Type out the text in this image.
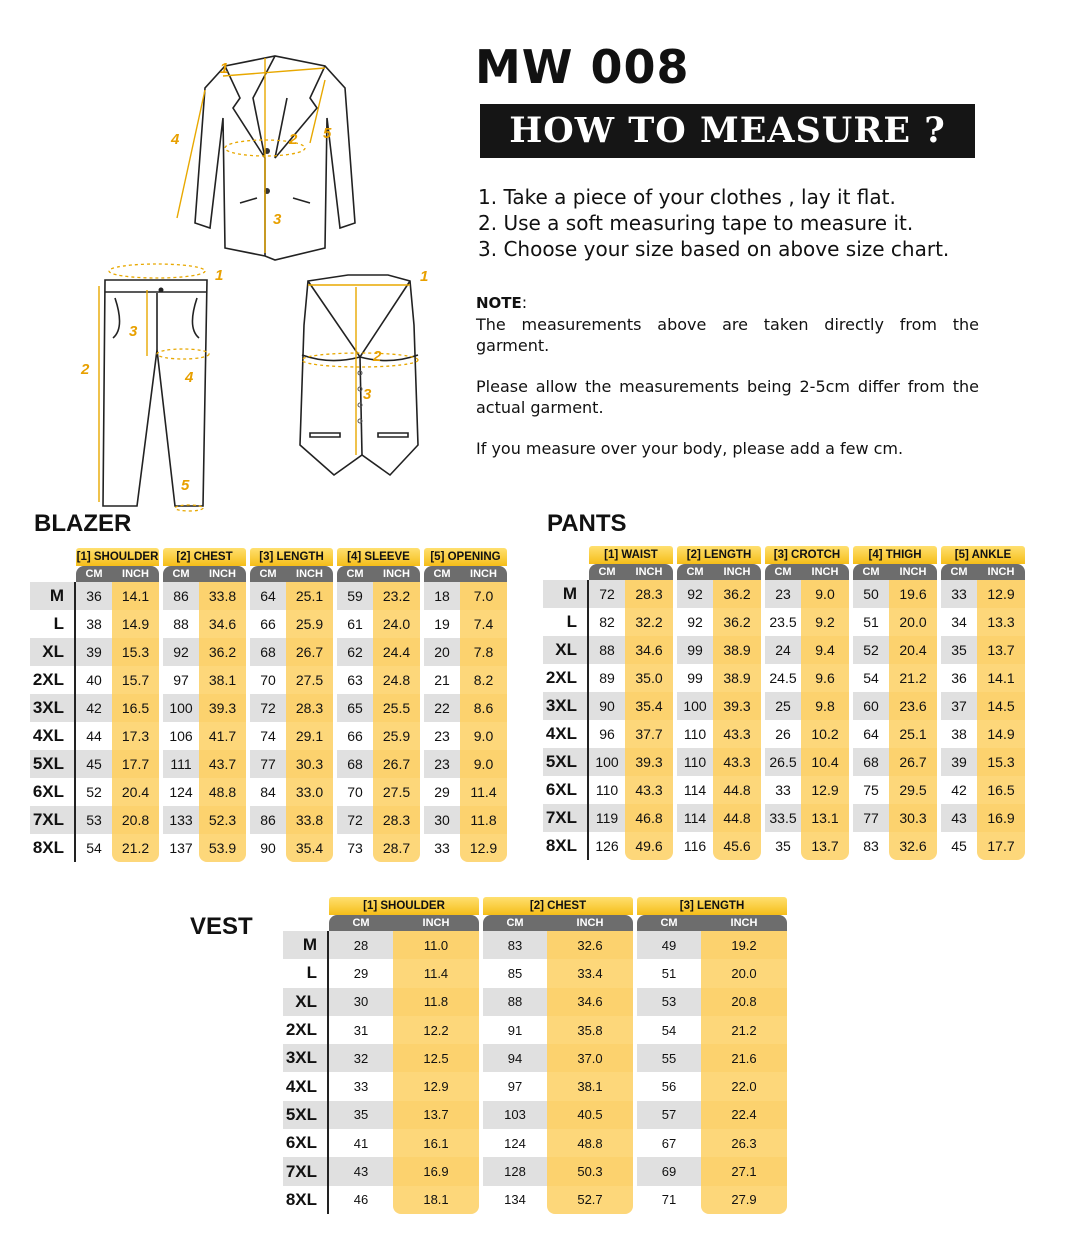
1
2
3
4	5
1
2
3
4
5
1
2
3
MW 008
HOW TO MEASURE ?
1. Take a piece of your clothes , lay it flat.
2. Use a soft measuring tape to measure it.
3. Choose your size based on above size chart.
NOTE:

The measurements above are taken directly from the garment.

Please allow the measurements being 2-5cm differ from the actual garment.

If you measure over your body, please add a few cm.

BLAZER	PANTS
VEST
	[1] SHOULDER			[2] CHEST			[3] LENGTH			[4] SLEEVE			[5] OPENING	
	CM	INCH		CM	INCH		CM	INCH		CM	INCH		CM	INCH
M	36	14.1		86	33.8		64	25.1		59	23.2		18	7.0
L	38	14.9		88	34.6		66	25.9		61	24.0		19	7.4
XL	39	15.3		92	36.2		68	26.7		62	24.4		20	7.8
2XL	40	15.7		97	38.1		70	27.5		63	24.8		21	8.2
3XL	42	16.5		100	39.3		72	28.3		65	25.5		22	8.6
4XL	44	17.3		106	41.7		74	29.1		66	25.9		23	9.0
5XL	45	17.7		111	43.7		77	30.3		68	26.7		23	9.0
6XL	52	20.4		124	48.8		84	33.0		70	27.5		29	11.4
7XL	53	20.8		133	52.3		86	33.8		72	28.3		30	11.8
8XL	54	21.2		137	53.9		90	35.4		73	28.7		33	12.9
	[1] WAIST			[2] LENGTH			[3] CROTCH			[4] THIGH			[5] ANKLE	
	CM	INCH		CM	INCH		CM	INCH		CM	INCH		CM	INCH
M	72	28.3		92	36.2		23	9.0		50	19.6		33	12.9
L	82	32.2		92	36.2		23.5	9.2		51	20.0		34	13.3
XL	88	34.6		99	38.9		24	9.4		52	20.4		35	13.7
2XL	89	35.0		99	38.9		24.5	9.6		54	21.2		36	14.1
3XL	90	35.4		100	39.3		25	9.8		60	23.6		37	14.5
4XL	96	37.7		110	43.3		26	10.2		64	25.1		38	14.9
5XL	100	39.3		110	43.3		26.5	10.4		68	26.7		39	15.3
6XL	110	43.3		114	44.8		33	12.9		75	29.5		42	16.5
7XL	119	46.8		114	44.8		33.5	13.1		77	30.3		43	16.9
8XL	126	49.6		116	45.6		35	13.7		83	32.6		45	17.7
	[1] SHOULDER			[2] CHEST			[3] LENGTH	
	CM	INCH		CM	INCH		CM	INCH
M	28	11.0		83	32.6		49	19.2
L	29	11.4		85	33.4		51	20.0
XL	30	11.8		88	34.6		53	20.8
2XL	31	12.2		91	35.8		54	21.2
3XL	32	12.5		94	37.0		55	21.6
4XL	33	12.9		97	38.1		56	22.0
5XL	35	13.7		103	40.5		57	22.4
6XL	41	16.1		124	48.8		67	26.3
7XL	43	16.9		128	50.3		69	27.1
8XL	46	18.1		134	52.7		71	27.9
